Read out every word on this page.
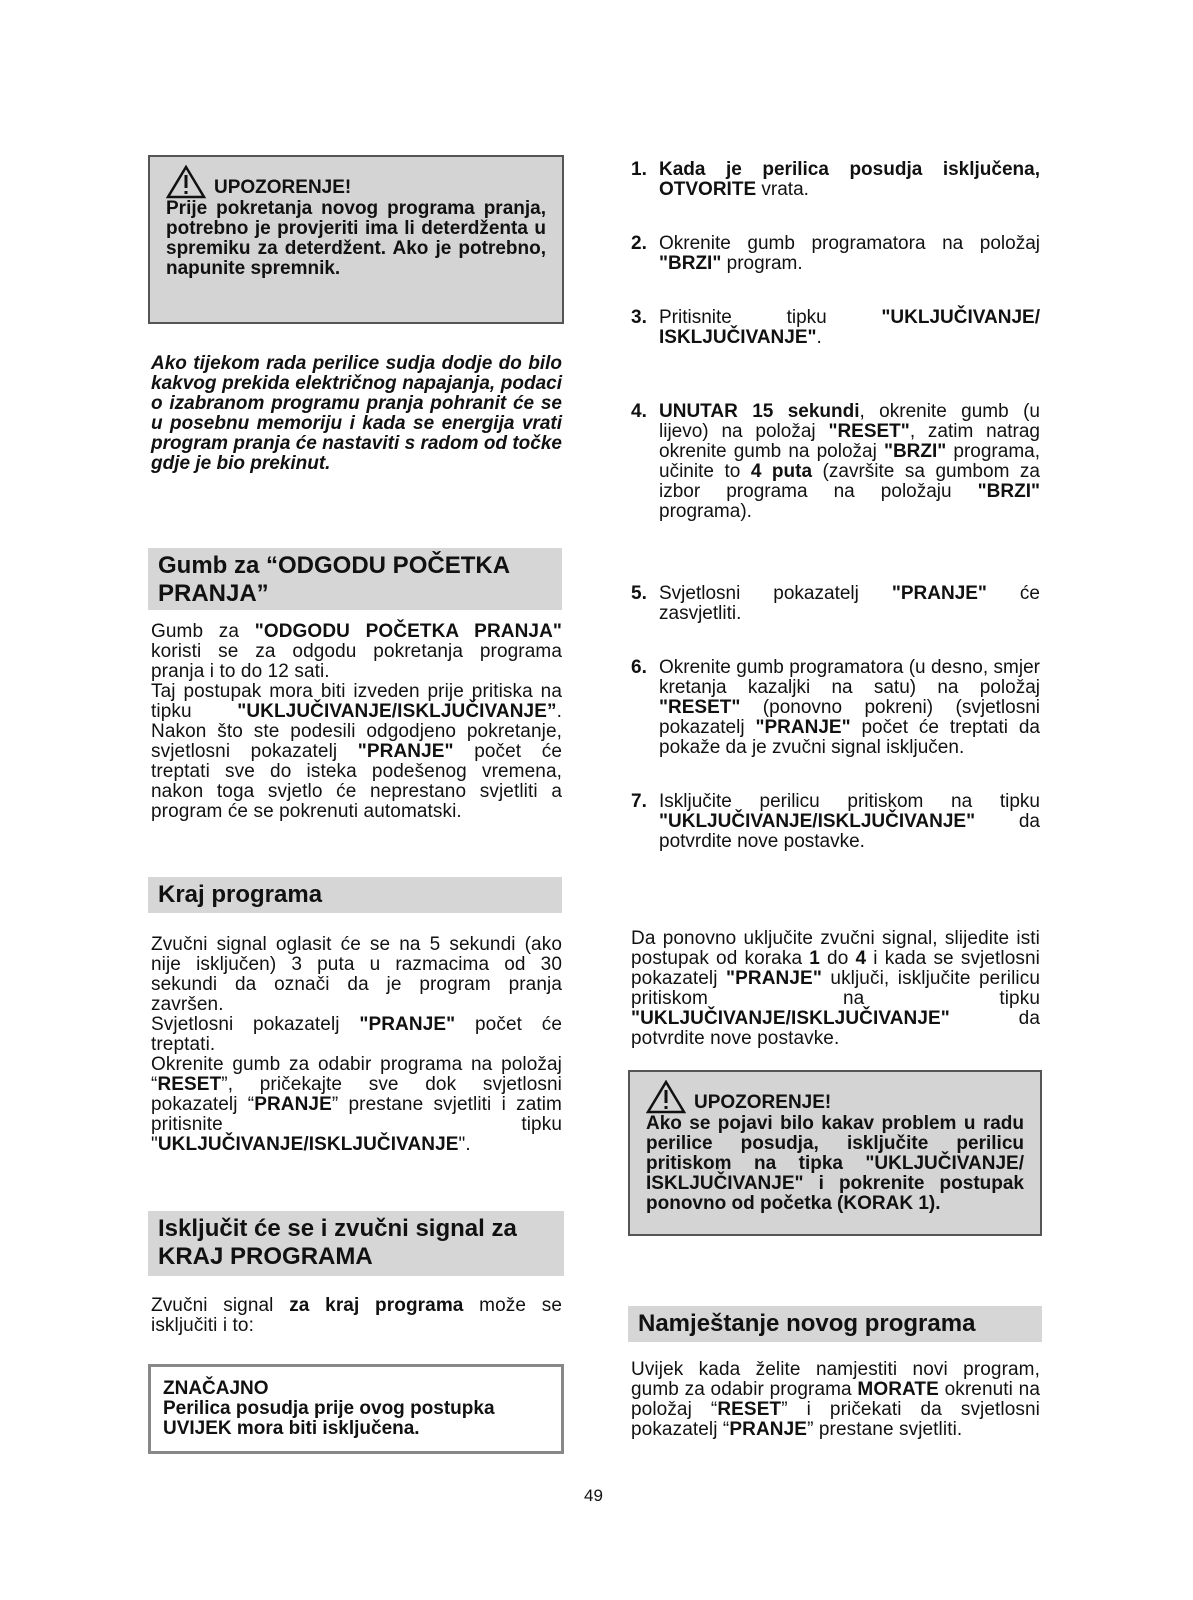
UPOZORENJE!

Prije pokretanja novog programa pranja, potrebno je provjeriti ima li deterdženta u spremiku za deterdžent. Ako je potrebno, napunite spremnik.

Ako tijekom rada perilice sudja dodje do bilo kakvog prekida električnog napajanja, podaci o izabranom programu pranja pohranit će se u posebnu memoriju i kada se energija vrati program pranja će nastaviti s radom od točke gdje je bio prekinut.

Gumb za “ODGODU POČETKA PRANJA”

Gumb za "ODGODU POČETKA PRANJA" koristi se za odgodu pokretanja programa pranja i to do 12 sati.

Taj postupak mora biti izveden prije pritiska na tipku "UKLJUČIVANJE/ISKLJUČIVANJE”. Nakon što ste podesili odgodjeno pokretanje, svjetlosni pokazatelj "PRANJE" počet će treptati sve do isteka podešenog vremena, nakon toga svjetlo će neprestano svjetliti a program će se pokrenuti automatski.

Kraj programa

Zvučni signal oglasit će se na 5 sekundi (ako nije isključen) 3 puta u razmacima od 30 sekundi da označi da je program pranja završen.

Svjetlosni pokazatelj "PRANJE" počet će treptati.

Okrenite gumb za odabir programa na položaj “RESET”, pričekajte sve dok svjetlosni pokazatelj “PRANJE” prestane svjetliti i zatim pritisnite tipku "UKLJUČIVANJE/ISKLJUČIVANJE".

Isključit će se i zvučni signal za KRAJ PROGRAMA

Zvučni signal za kraj programa može se isključiti i to:

ZNAČAJNO

Perilica posudja prije ovog postupka UVIJEK mora biti isključena.

49
1. Kada je perilica posudja isključena, OTVORITE vrata.
2. Okrenite gumb programatora na položaj "BRZI" program.
3. Pritisnite tipku "UKLJUČIVANJE/ ISKLJUČIVANJE".
4. UNUTAR 15 sekundi, okrenite gumb (u lijevo) na položaj "RESET", zatim natrag okrenite gumb na položaj "BRZI" programa, učinite to 4 puta (završite sa gumbom za izbor programa na položaju "BRZI" programa).
5. Svjetlosni pokazatelj "PRANJE" će zasvjetliti.
6. Okrenite gumb programatora (u desno, smjer kretanja kazaljki na satu) na položaj "RESET" (ponovno pokreni) (svjetlosni pokazatelj "PRANJE" počet će treptati da pokaže da je zvučni signal isključen.
7. Isključite perilicu pritiskom na tipku "UKLJUČIVANJE/ISKLJUČIVANJE" da potvrdite nove postavke.

Da ponovno uključite zvučni signal, slijedite isti postupak od koraka 1 do 4 i kada se svjetlosni pokazatelj "PRANJE" uključi, isključite perilicu pritiskom na tipku "UKLJUČIVANJE/ISKLJUČIVANJE" da potvrdite nove postavke.

UPOZORENJE!

Ako se pojavi bilo kakav problem u radu perilice posudja, isključite perilicu pritiskom na tipka "UKLJUČIVANJE/ ISKLJUČIVANJE" i pokrenite postupak ponovno od početka (KORAK 1).

Namještanje novog programa

Uvijek kada želite namjestiti novi program, gumb za odabir programa MORATE okrenuti na položaj “RESET” i pričekati da svjetlosni pokazatelj “PRANJE” prestane svjetliti.
